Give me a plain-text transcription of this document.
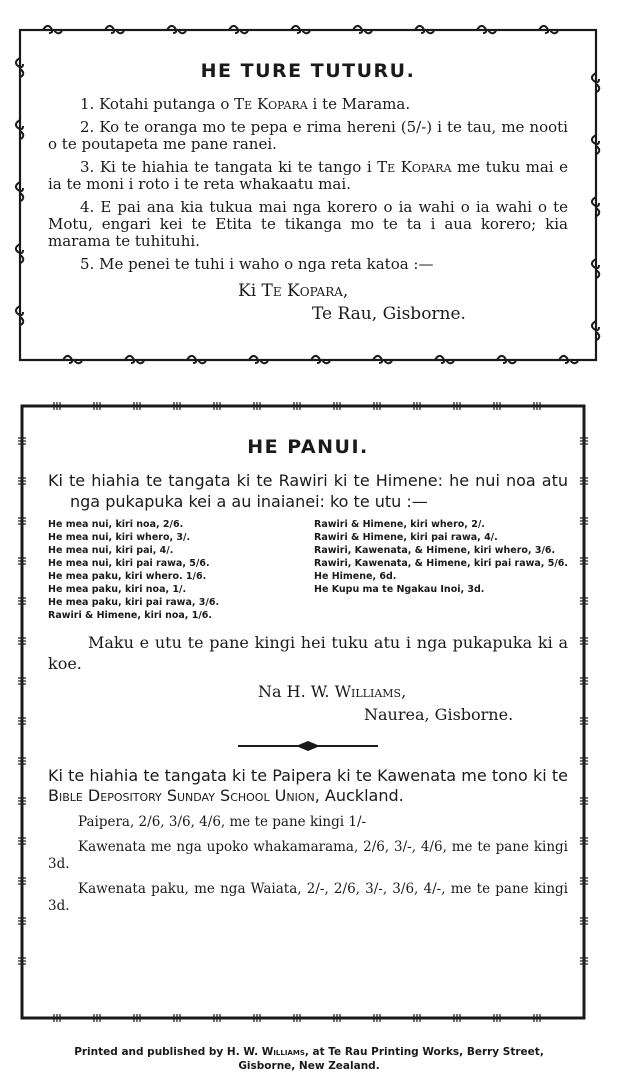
HE TURE TUTURU.

1. Kotahi putanga o Te Kopara i te Marama.

2. Ko te oranga mo te pepa e rima hereni (5/-) i te tau, me nooti o te poutapeta me pane ranei.

3. Ki te hiahia te tangata ki te tango i Te Kopara me tuku mai e ia te moni i roto i te reta whakaatu mai.

4. E pai ana kia tukua mai nga korero o ia wahi o ia wahi o te Motu, engari kei te Etita te tikanga mo te ta i aua korero; kia marama te tuhituhi.

5. Me penei te tuhi i waho o nga reta katoa :—

Ki Te Kopara,

Te Rau, Gisborne.

HE PANUI.

Ki te hiahia te tangata ki te Rawiri ki te Himene: he nui noa atu nga pukapuka kei a au inaianei: ko te utu :—

He mea nui, kiri noa, 2/6.
He mea nui, kiri whero, 3/.
He mea nui, kiri pai, 4/.
He mea nui, kiri pai rawa, 5/6.
He mea paku, kiri whero. 1/6.
He mea paku, kiri noa, 1/.
He mea paku, kiri pai rawa, 3/6.
Rawiri & Himene, kiri noa, 1/6.
Rawiri & Himene, kiri whero, 2/.
Rawiri & Himene, kiri pai rawa, 4/.
Rawiri, Kawenata, & Himene, kiri whero, 3/6.
Rawiri, Kawenata, & Himene, kiri pai rawa, 5/6.
He Himene, 6d.
He Kupu ma te Ngakau Inoi, 3d.

Maku e utu te pane kingi hei tuku atu i nga pukapuka ki a koe.

Na H. W. Williams,

Naurea, Gisborne.

Ki te hiahia te tangata ki te Paipera ki te Kawenata me tono ki te Bible Depository Sunday School Union, Auckland.

Paipera, 2/6, 3/6, 4/6, me te pane kingi 1/-

Kawenata me nga upoko whakamarama, 2/6, 3/-, 4/6, me te pane kingi 3d.

Kawenata paku, me nga Waiata, 2/-, 2/6, 3/-, 3/6, 4/-, me te pane kingi 3d.

Printed and published by H. W. Williams, at Te Rau Printing Works, Berry Street,
Gisborne, New Zealand.
